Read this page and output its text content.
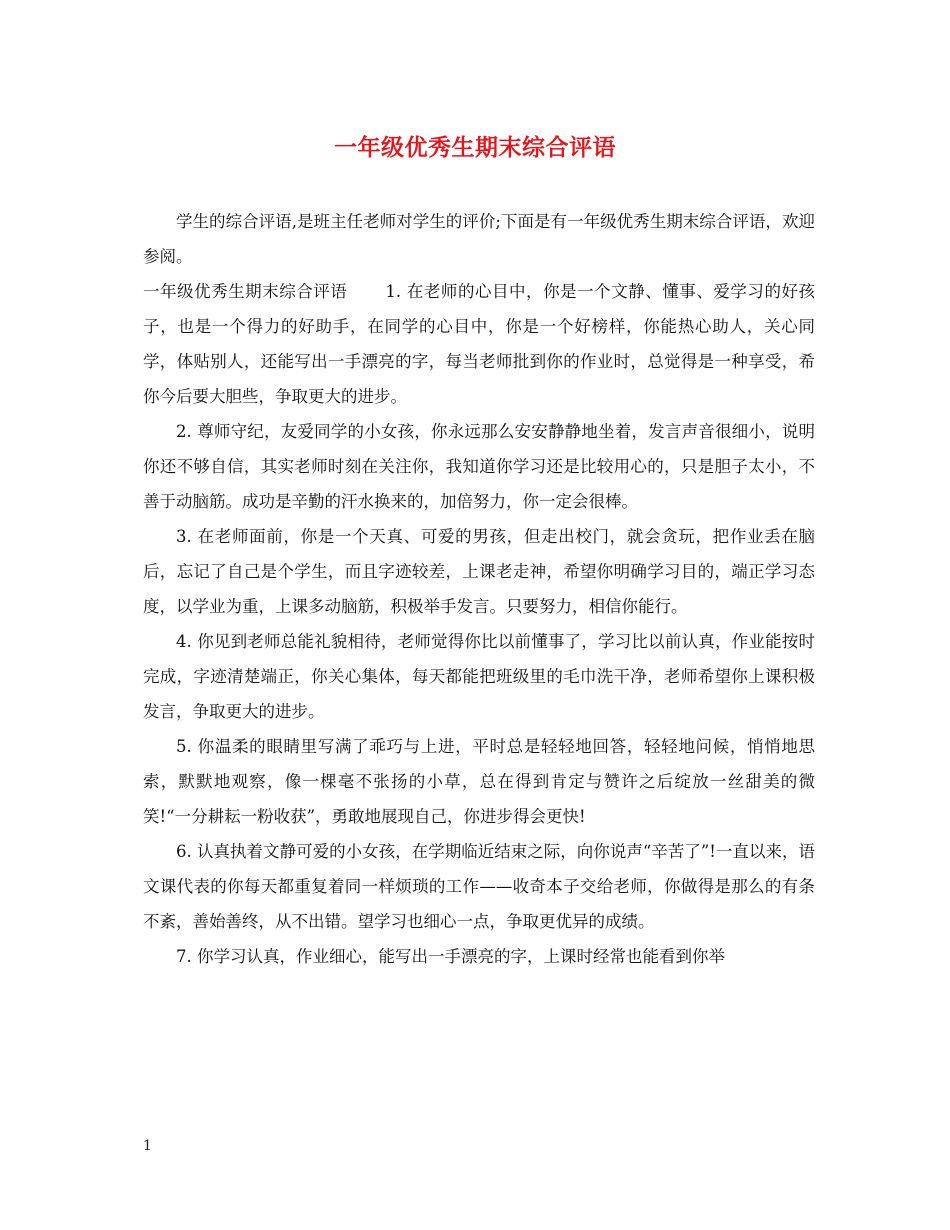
一年级优秀生期末综合评语

学生的综合评语,是班主任老师对学生的评价;下面是有一年级优秀生期末综合评语，欢迎参阅。

一年级优秀生期末综合评语 1. 在老师的心目中，你是一个文静、懂事、爱学习的好孩子，也是一个得力的好助手，在同学的心目中，你是一个好榜样，你能热心助人，关心同学，体贴别人，还能写出一手漂亮的字，每当老师批到你的作业时，总觉得是一种享受，希你今后要大胆些，争取更大的进步。

2. 尊师守纪，友爱同学的小女孩，你永远那么安安静静地坐着，发言声音很细小，说明你还不够自信，其实老师时刻在关注你，我知道你学习还是比较用心的，只是胆子太小，不善于动脑筋。成功是辛勤的汗水换来的，加倍努力，你一定会很棒。

3. 在老师面前，你是一个天真、可爱的男孩，但走出校门，就会贪玩，把作业丢在脑后，忘记了自己是个学生，而且字迹较差，上课老走神，希望你明确学习目的，端正学习态度，以学业为重，上课多动脑筋，积极举手发言。只要努力，相信你能行。

4. 你见到老师总能礼貌相待，老师觉得你比以前懂事了，学习比以前认真，作业能按时完成，字迹清楚端正，你关心集体，每天都能把班级里的毛巾洗干净，老师希望你上课积极发言，争取更大的进步。

5. 你温柔的眼睛里写满了乖巧与上进，平时总是轻轻地回答，轻轻地问候，悄悄地思索，默默地观察，像一棵毫不张扬的小草，总在得到肯定与赞许之后绽放一丝甜美的微笑!“一分耕耘一粉收获”，勇敢地展现自己，你进步得会更快!

6. 认真执着文静可爱的小女孩，在学期临近结束之际，向你说声“辛苦了”!一直以来，语文课代表的你每天都重复着同一样烦琐的工作——收奇本子交给老师，你做得是那么的有条不紊，善始善终，从不出错。望学习也细心一点，争取更优异的成绩。

7. 你学习认真，作业细心，能写出一手漂亮的字，上课时经常也能看到你举

1
